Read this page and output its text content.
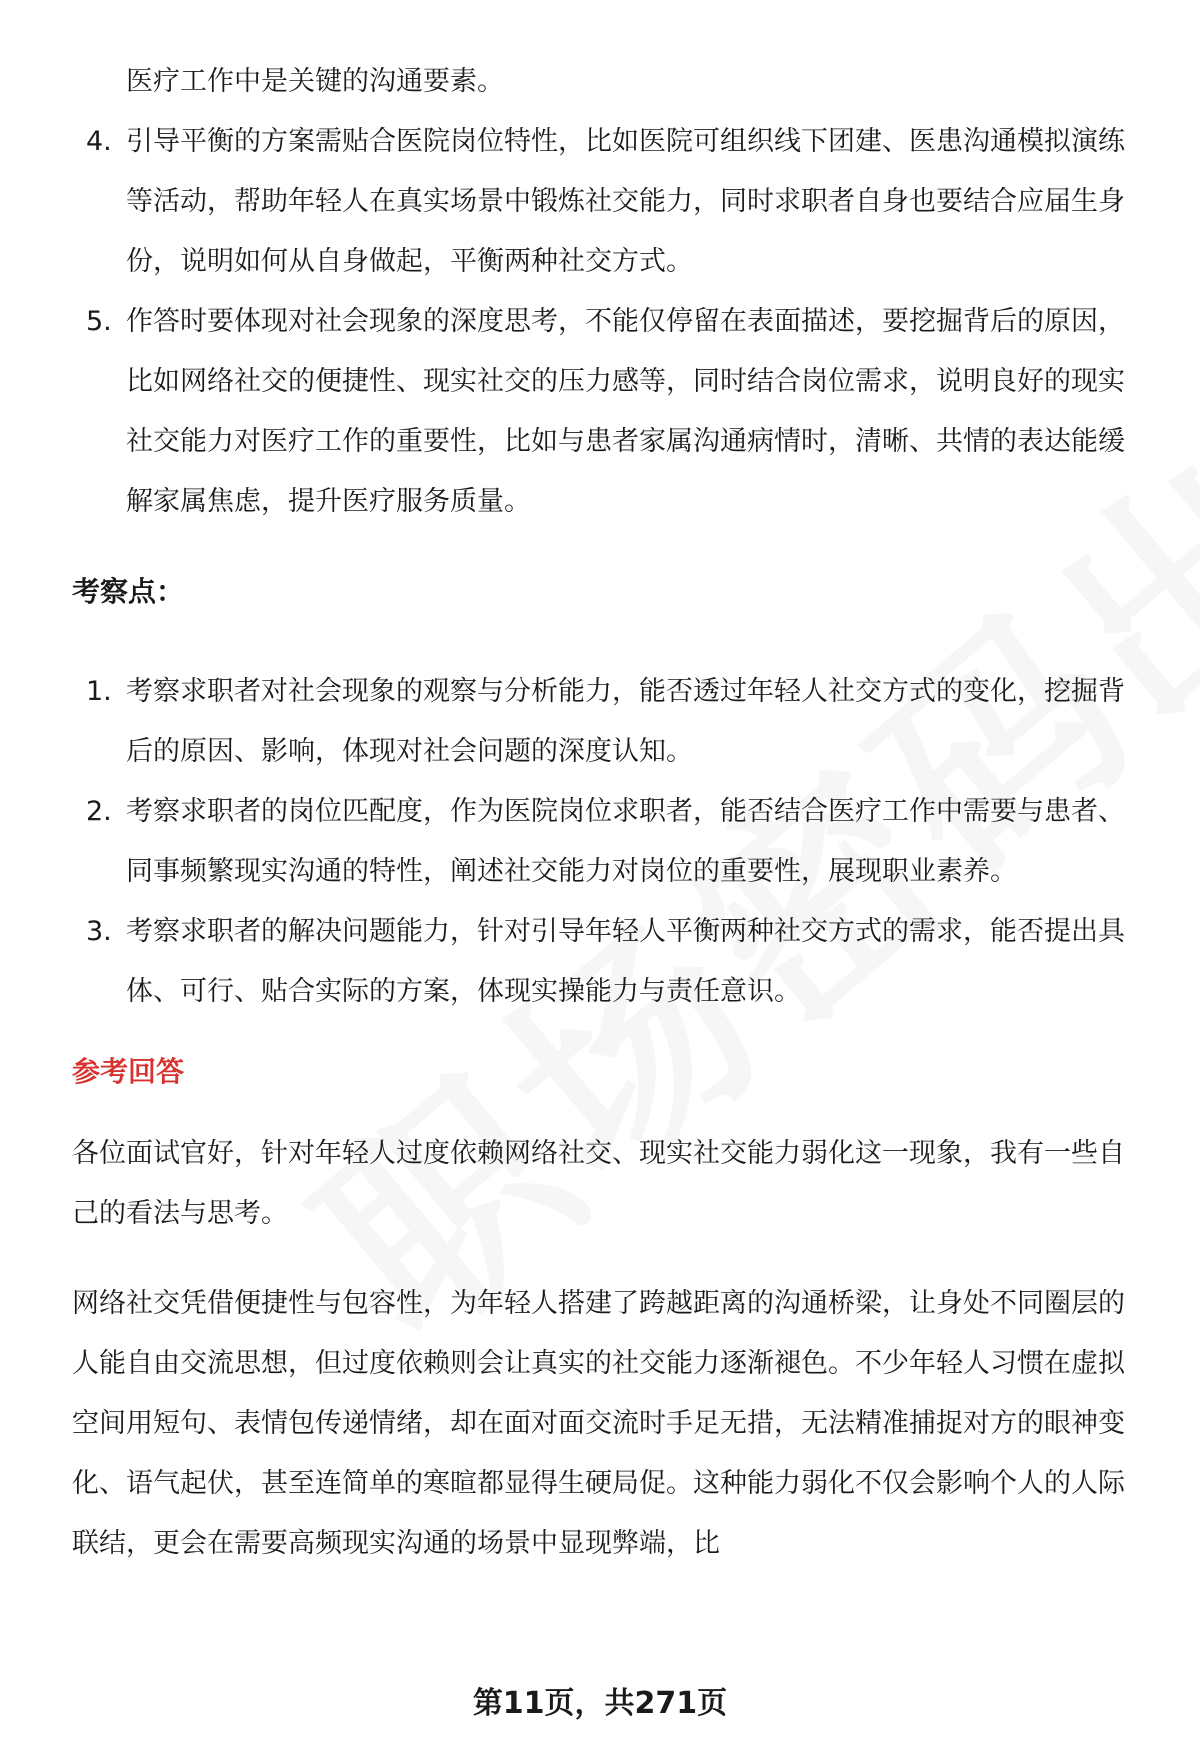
医疗工作中是关键的沟通要素。

4. 引导平衡的方案需贴合医院岗位特性，比如医院可组织线下团建、医患沟通模拟演练等活动，帮助年轻人在真实场景中锻炼社交能力，同时求职者自身也要结合应届生身份，说明如何从自身做起，平衡两种社交方式。
5. 作答时要体现对社会现象的深度思考，不能仅停留在表面描述，要挖掘背后的原因，比如网络社交的便捷性、现实社交的压力感等，同时结合岗位需求，说明良好的现实社交能力对医疗工作的重要性，比如与患者家属沟通病情时，清晰、共情的表达能缓解家属焦虑，提升医疗服务质量。

考察点：

1. 考察求职者对社会现象的观察与分析能力，能否透过年轻人社交方式的变化，挖掘背后的原因、影响，体现对社会问题的深度认知。
2. 考察求职者的岗位匹配度，作为医院岗位求职者，能否结合医疗工作中需要与患者、同事频繁现实沟通的特性，阐述社交能力对岗位的重要性，展现职业素养。
3. 考察求职者的解决问题能力，针对引导年轻人平衡两种社交方式的需求，能否提出具体、可行、贴合实际的方案，体现实操能力与责任意识。

参考回答

各位面试官好，针对年轻人过度依赖网络社交、现实社交能力弱化这一现象，我有一些自己的看法与思考。

网络社交凭借便捷性与包容性，为年轻人搭建了跨越距离的沟通桥梁，让身处不同圈层的人能自由交流思想，但过度依赖则会让真实的社交能力逐渐褪色。不少年轻人习惯在虚拟空间用短句、表情包传递情绪，却在面对面交流时手足无措，无法精准捕捉对方的眼神变化、语气起伏，甚至连简单的寒暄都显得生硬局促。这种能力弱化不仅会影响个人的人际联结，更会在需要高频现实沟通的场景中显现弊端，比

第11页，共271页
